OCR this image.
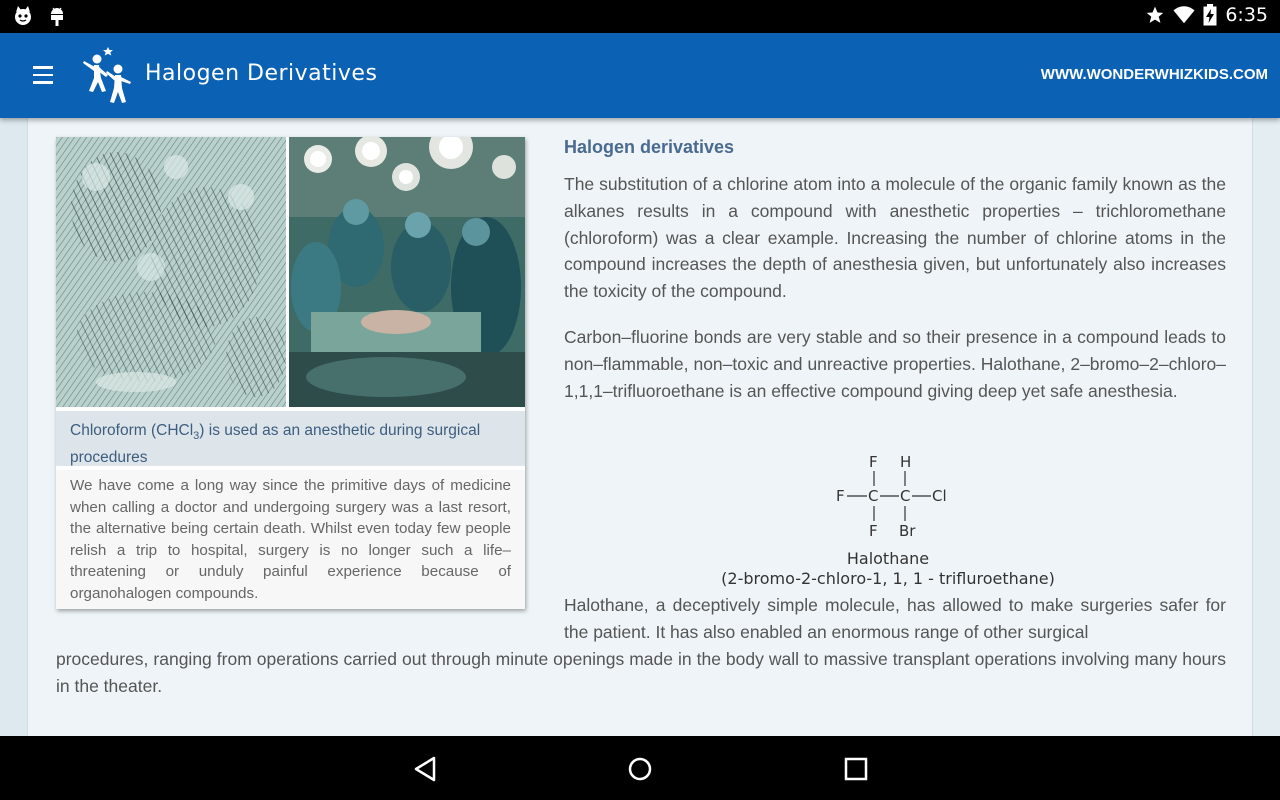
6:35
Halogen Derivatives	WWW.WONDERWHIZKIDS.COM
Chloroform (CHCl$_3$) is used as an anesthetic during surgical procedures
We have come a long way since the primitive days of medicine when calling a doctor and undergoing surgery was a last resort, the alternative being certain death. Whilst even today few people relish a trip to hospital, surgery is no longer such a life–threatening or unduly painful experience because of organohalogen compounds.
Halogen derivatives
The substitution of a chlorine atom into a molecule of the organic family known as the alkanes results in a compound with anesthetic properties – trichloromethane (chloroform) was a clear example. Increasing the number of chlorine atoms in the compound increases the depth of anesthesia given, but unfortunately also increases the toxicity of the compound.
Carbon–fluorine bonds are very stable and so their presence in a compound leads to non–flammable, non–toxic and unreactive properties. Halothane, 2–bromo–2–chloro–1,1,1–trifluoroethane is an effective compound giving deep yet safe anesthesia.
F H
F C C Cl
F Br
Halothane
(2-bromo-2-chloro-1, 1, 1 - trifluroethane)
Halothane, a deceptively simple molecule, has allowed to make surgeries safer for the patient. It has also enabled an enormous range of other surgical
procedures, ranging from operations carried out through minute openings made in the body wall to massive transplant operations involving many hours in the theater.
